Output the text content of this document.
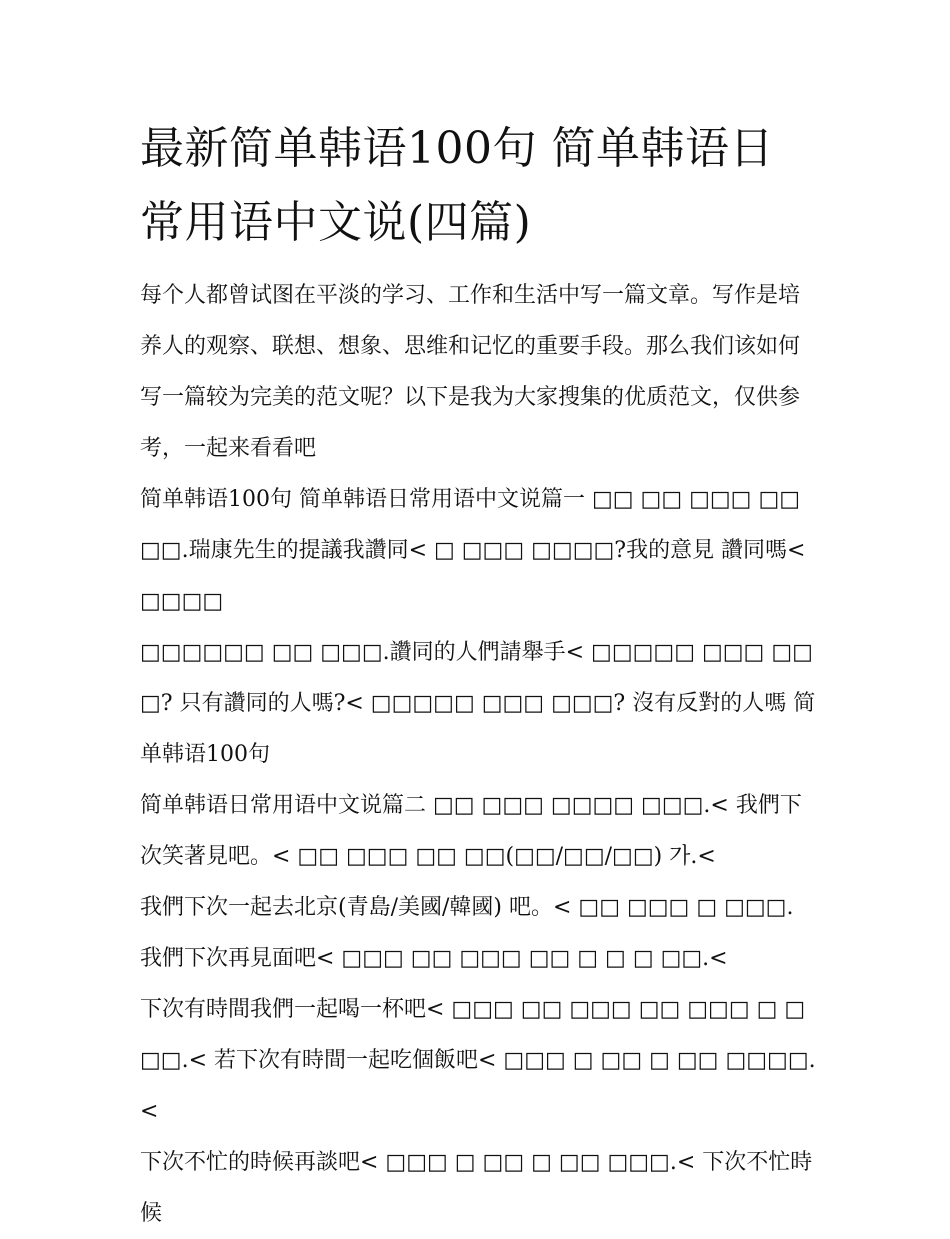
最新简单韩语100句 简单韩语日常用语中文说(四篇)

每个人都曾试图在平淡的学习、工作和生活中写一篇文章。写作是培养人的观察、联想、想象、思维和记忆的重要手段。那么我们该如何写一篇较为完美的范文呢？以下是我为大家搜集的优质范文，仅供参考，一起来看看吧

简单韩语100句 简单韩语日常用语中文说篇一 □□ □□ □□□ □□□□.瑞康先生的提議我讚同< □ □□□ □□□□?我的意見 讚同嗎< □□□□

□□□□□□ □□ □□□.讚同的人們請舉手< □□□□□ □□□ □□□? 只有讚同的人嗎?< □□□□□ □□□ □□□? 沒有反對的人嗎 简单韩语100句

简单韩语日常用语中文说篇二 □□ □□□ □□□□ □□□.< 我們下次笑著見吧。< □□ □□□ □□ □□(□□/□□/□□) 가.<

我們下次一起去北京(青島/美國/韓國) 吧。< □□ □□□ □ □□□. 我們下次再見面吧< □□□ □□ □□□ □□ □ □ □ □□.<

下次有時間我們一起喝一杯吧< □□□ □□ □□□ □□ □□□ □ □ □□.< 若下次有時間一起吃個飯吧< □□□ □ □□ □ □□ □□□□.<

下次不忙的時候再談吧< □□□ □ □□ □ □□ □□□.< 下次不忙時候
